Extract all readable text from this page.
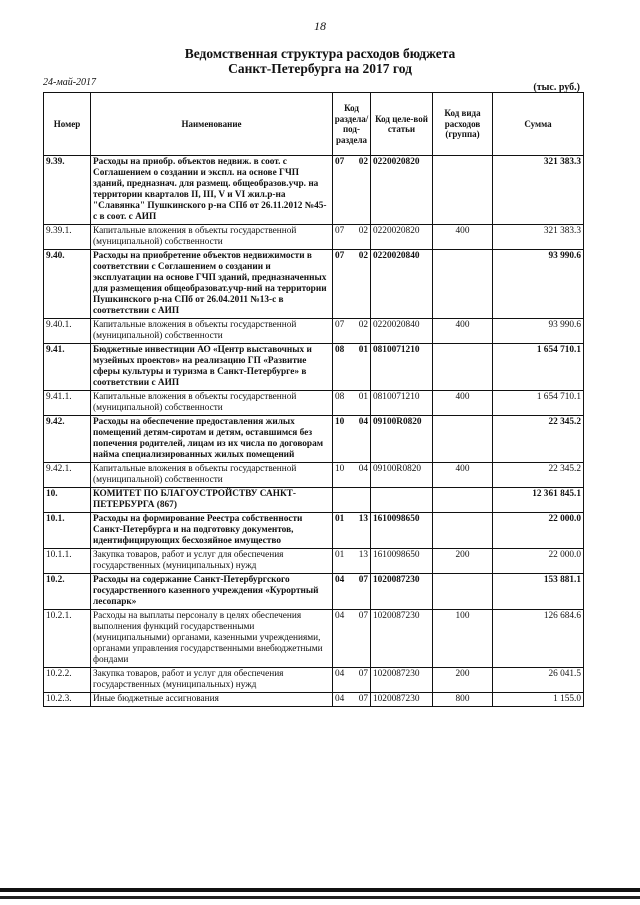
18
Ведомственная структура расходов бюджета
Санкт-Петербурга на 2017 год
24-май-2017	(тыс. руб.)
Номер	Наименование	Код раздела/ под-раздела		Код целе-вой статьи	Код вида расходов (группа)	Сумма
9.39.	Расходы на приобр. объектов недвиж. в соот. с Соглашением о создании и экспл. на основе ГЧП зданий, предназнач. для размещ. общеобразов.учр. на территории кварталов II, III, V и VI жил.р-на "Славянка" Пушкинского р-на СПб от 26.11.2012 №45-с в соот. с АИП	07	02	0220020820		321 383.3
9.39.1.	Капитальные вложения в объекты государственной (муниципальной) собственности	07	02	0220020820	400	321 383.3
9.40.	Расходы на приобретение объектов недвижимости в соответствии с Соглашением о создании и эксплуатации на основе ГЧП зданий, предназначенных для размещения общеобразоват.учр-ний на территории Пушкинского р-на СПб от 26.04.2011 №13-с в соответствии с АИП	07	02	0220020840		93 990.6
9.40.1.	Капитальные вложения в объекты государственной (муниципальной) собственности	07	02	0220020840	400	93 990.6
9.41.	Бюджетные инвестиции АО «Центр выставочных и музейных проектов» на реализацию ГП «Развитие сферы культуры и туризма в Санкт-Петербурге» в соответствии с АИП	08	01	0810071210		1 654 710.1
9.41.1.	Капитальные вложения в объекты государственной (муниципальной) собственности	08	01	0810071210	400	1 654 710.1
9.42.	Расходы на обеспечение предоставления жилых помещений детям-сиротам и детям, оставшимся без попечения родителей, лицам из их числа по договорам найма специализированных жилых помещений	10	04	09100R0820		22 345.2
9.42.1.	Капитальные вложения в объекты государственной (муниципальной) собственности	10	04	09100R0820	400	22 345.2
10.	КОМИТЕТ ПО БЛАГОУСТРОЙСТВУ САНКТ-ПЕТЕРБУРГА (867)					12 361 845.1
10.1.	Расходы на формирование Реестра собственности Санкт-Петербурга и на подготовку документов, идентифицирующих бесхозяйное имущество	01	13	1610098650		22 000.0
10.1.1.	Закупка товаров, работ и услуг для обеспечения государственных (муниципальных) нужд	01	13	1610098650	200	22 000.0
10.2.	Расходы на содержание Санкт-Петербургского государственного казенного учреждения «Курортный лесопарк»	04	07	1020087230		153 881.1
10.2.1.	Расходы на выплаты персоналу в целях обеспечения выполнения функций государственными (муниципальными) органами, казенными учреждениями, органами управления государственными внебюджетными фондами	04	07	1020087230	100	126 684.6
10.2.2.	Закупка товаров, работ и услуг для обеспечения государственных (муниципальных) нужд	04	07	1020087230	200	26 041.5
10.2.3.	Иные бюджетные ассигнования	04	07	1020087230	800	1 155.0
